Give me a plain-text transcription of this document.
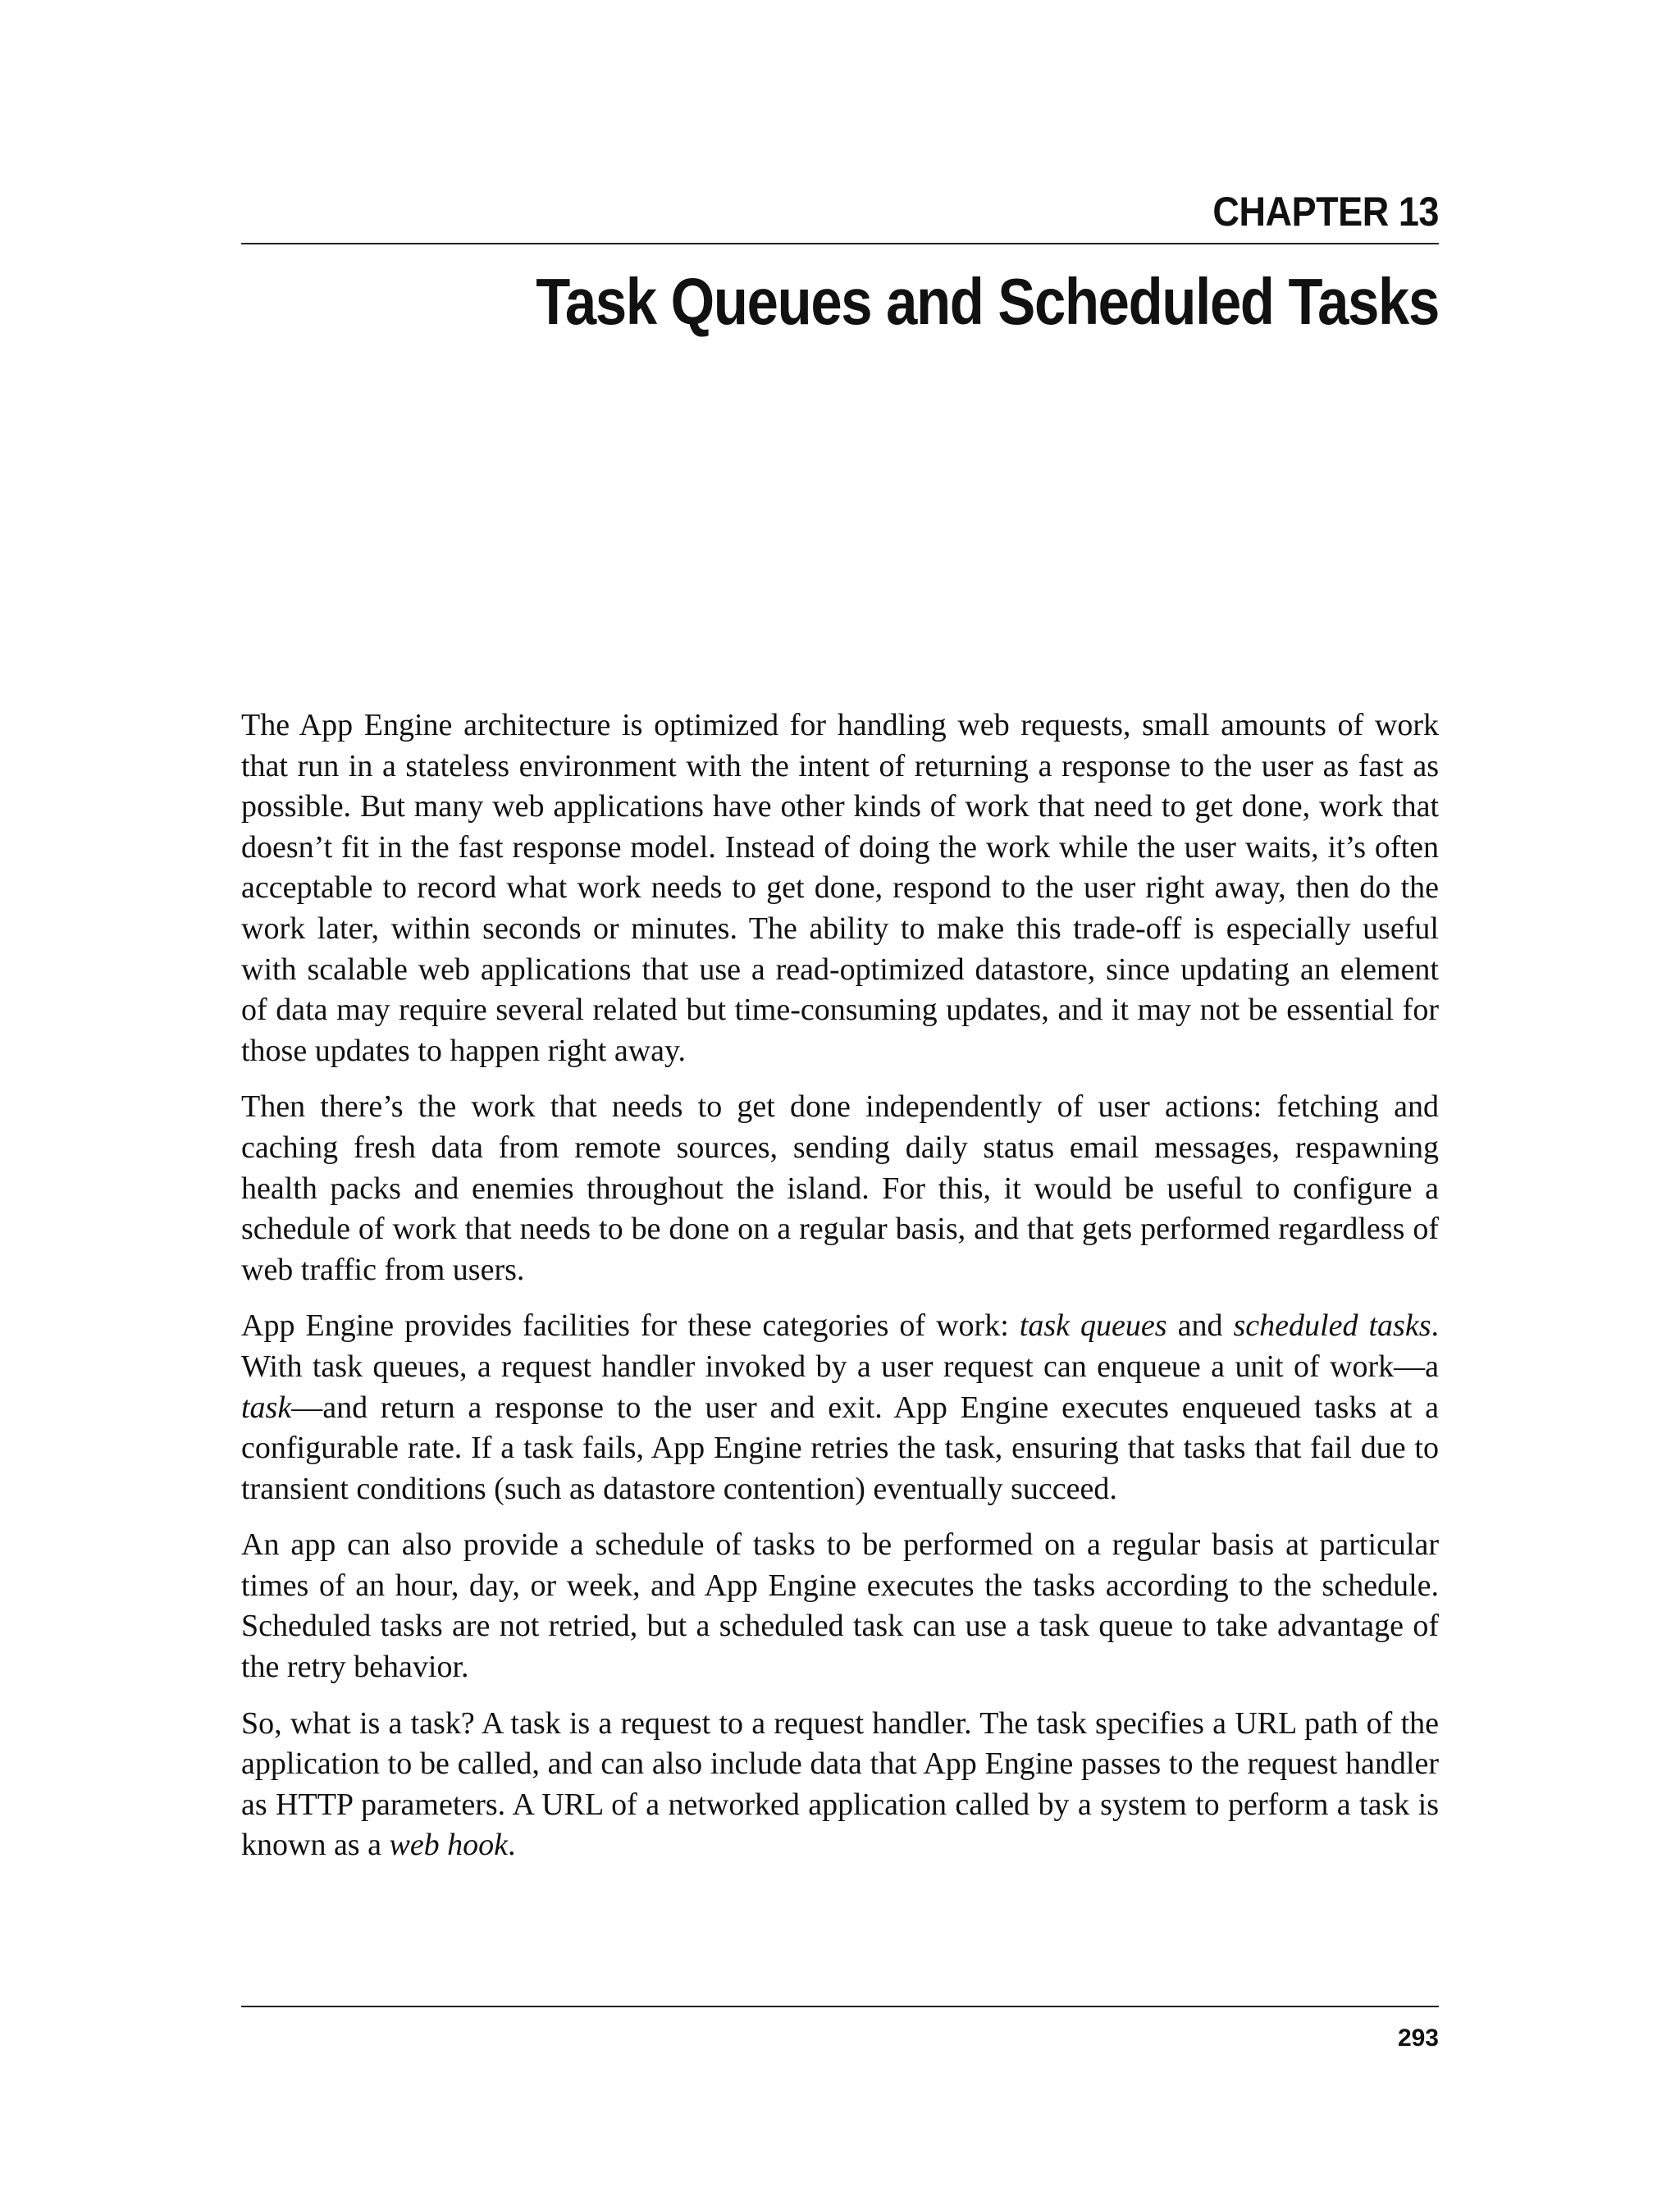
CHAPTER 13
Task Queues and Scheduled Tasks

The App Engine architecture is optimized for handling web requests, small amounts of work that run in a stateless environment with the intent of returning a response to the user as fast as possible. But many web applications have other kinds of work that need to get done, work that doesn’t fit in the fast response model. Instead of doing the work while the user waits, it’s often acceptable to record what work needs to get done, respond to the user right away, then do the work later, within seconds or minutes. The ability to make this trade-off is especially useful with scalable web applications that use a read-optimized datastore, since updating an element of data may require several related but time-consuming updates, and it may not be essential for those updates to happen right away.

Then there’s the work that needs to get done independently of user actions: fetching and caching fresh data from remote sources, sending daily status email messages, respawning health packs and enemies throughout the island. For this, it would be useful to configure a schedule of work that needs to be done on a regular basis, and that gets performed regardless of web traffic from users.

App Engine provides facilities for these categories of work: task queues and scheduled tasks. With task queues, a request handler invoked by a user request can enqueue a unit of work—a task—and return a response to the user and exit. App Engine executes enqueued tasks at a configurable rate. If a task fails, App Engine retries the task, ensuring that tasks that fail due to transient conditions (such as datastore contention) eventually succeed.

An app can also provide a schedule of tasks to be performed on a regular basis at particular times of an hour, day, or week, and App Engine executes the tasks according to the schedule. Scheduled tasks are not retried, but a scheduled task can use a task queue to take advantage of the retry behavior.

So, what is a task? A task is a request to a request handler. The task specifies a URL path of the application to be called, and can also include data that App Engine passes to the request handler as HTTP parameters. A URL of a networked application called by a system to perform a task is known as a web hook.

293
